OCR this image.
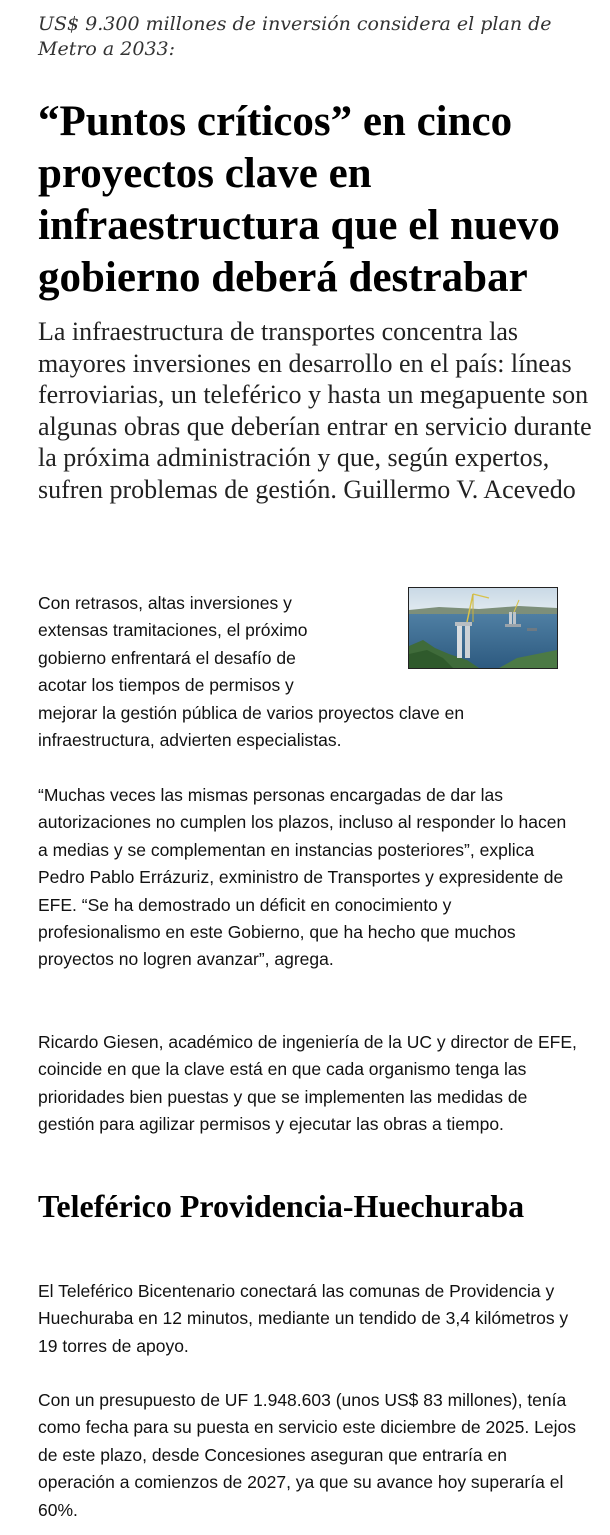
US$ 9.300 millones de inversión considera el plan de Metro a 2033:
“Puntos críticos” en cinco proyectos clave en infraestructura que el nuevo gobierno deberá destrabar

La infraestructura de transportes concentra las mayores inversiones en desarrollo en el país: líneas ferroviarias, un teleférico y hasta un megapuente son algunas obras que deberían entrar en servicio durante la próxima administración y que, según expertos, sufren problemas de gestión. Guillermo V. Acevedo

Con retrasos, altas inversiones y
extensas tramitaciones, el próximo
gobierno enfrentará el desafío de
acotar los tiempos de permisos y
mejorar la gestión pública de varios proyectos clave en infraestructura, advierten especialistas.

“Muchas veces las mismas personas encargadas de dar las autorizaciones no cumplen los plazos, incluso al responder lo hacen a medias y se complementan en instancias posteriores”, explica Pedro Pablo Errázuriz, exministro de Transportes y expresidente de EFE. “Se ha demostrado un déficit en conocimiento y profesionalismo en este Gobierno, que ha hecho que muchos proyectos no logren avanzar”, agrega.

Ricardo Giesen, académico de ingeniería de la UC y director de EFE, coincide en que la clave está en que cada organismo tenga las prioridades bien puestas y que se implementen las medidas de gestión para agilizar permisos y ejecutar las obras a tiempo.

Teleférico Providencia-Huechuraba

El Teleférico Bicentenario conectará las comunas de Providencia y Huechuraba en 12 minutos, mediante un tendido de 3,4 kilómetros y 19 torres de apoyo.

Con un presupuesto de UF 1.948.603 (unos US$ 83 millones), tenía como fecha para su puesta en servicio este diciembre de 2025. Lejos de este plazo, desde Concesiones aseguran que entraría en operación a comienzos de 2027, ya que su avance hoy superaría el 60%.
